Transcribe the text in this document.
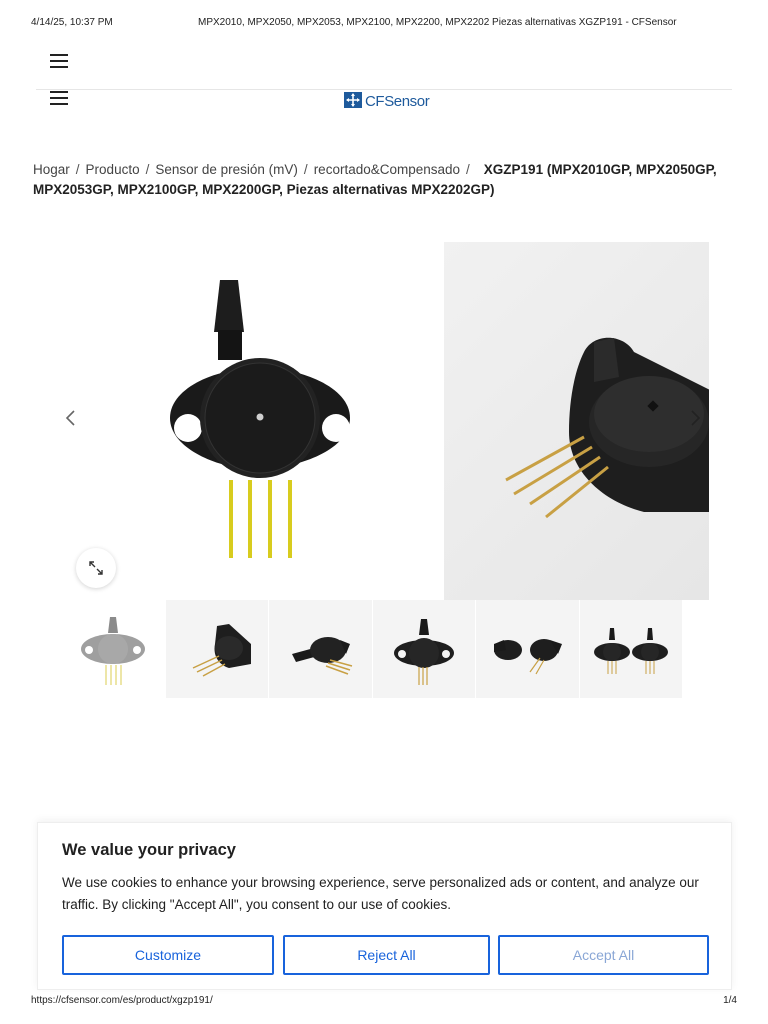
4/14/25, 10:37 PM	MPX2010, MPX2050, MPX2053, MPX2100, MPX2200, MPX2202 Piezas alternativas XGZP191 - CFSensor
CFSensor
Hogar / Producto / Sensor de presión (mV) / recortado&Compensado / XGZP191 (MPX2010GP, MPX2050GP, MPX2053GP, MPX2100GP, MPX2200GP, Piezas alternativas MPX2202GP)
We value your privacy

We use cookies to enhance your browsing experience, serve personalized ads or content, and analyze our traffic. By clicking "Accept All", you consent to our use of cookies.

Customize	Reject All	Accept All
https://cfsensor.com/es/product/xgzp191/	1/4
